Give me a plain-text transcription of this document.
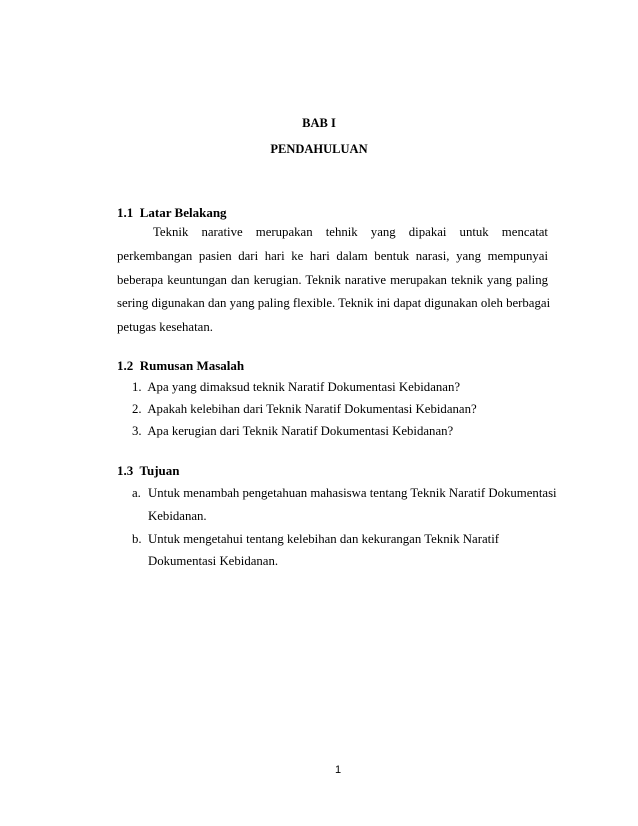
BAB I
PENDAHULUAN
1.1 Latar Belakang
Teknik narative merupakan tehnik yang dipakai untuk mencatat
perkembangan pasien dari hari ke hari dalam bentuk narasi, yang mempunyai
beberapa keuntungan dan kerugian. Teknik narative merupakan teknik yang paling
sering digunakan dan yang paling flexible. Teknik ini dapat digunakan oleh berbagai
petugas kesehatan.
1.2 Rumusan Masalah
1. Apa yang dimaksud teknik Naratif Dokumentasi Kebidanan?
2. Apakah kelebihan dari Teknik Naratif Dokumentasi Kebidanan?
3. Apa kerugian dari Teknik Naratif Dokumentasi Kebidanan?
1.3 Tujuan
a. Untuk menambah pengetahuan mahasiswa tentang Teknik Naratif Dokumentasi
Kebidanan.
b. Untuk mengetahui tentang kelebihan dan kekurangan Teknik Naratif
Dokumentasi Kebidanan.
1
